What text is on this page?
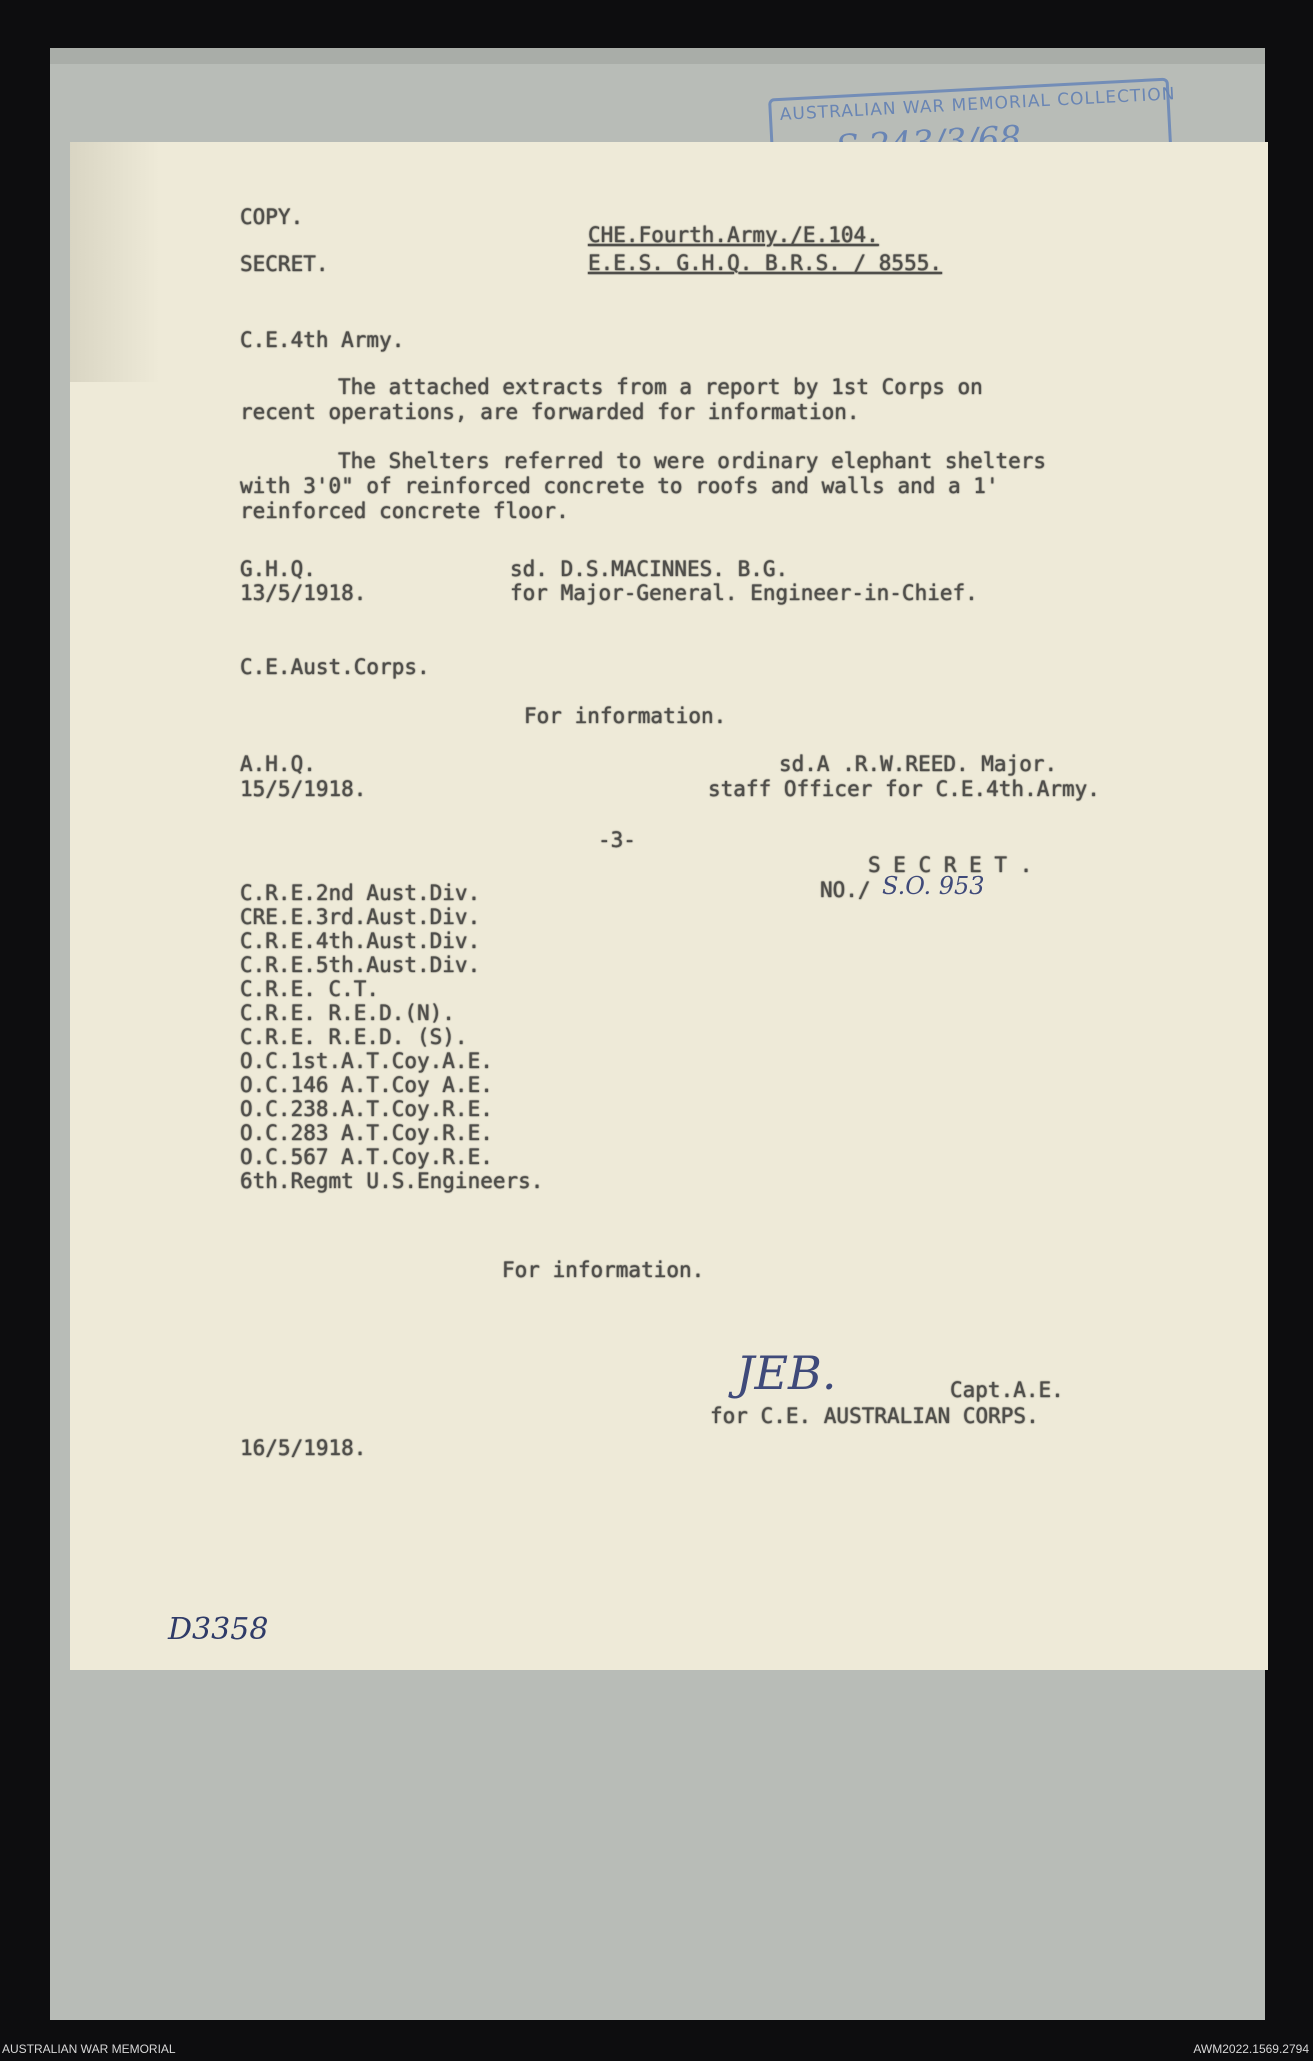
AUSTRALIAN WAR MEMORIAL COLLECTION
COPY.
CHE.Fourth.Army./E.104.
SECRET.	E.E.S. G.H.Q. B.R.S. / 8555.
C.E.4th Army.
The attached extracts from a report by 1st Corps on
recent operations, are forwarded for information.
The Shelters referred to were ordinary elephant shelters
with 3'0" of reinforced concrete to roofs and walls and a 1'
reinforced concrete floor.
G.H.Q.	sd. D.S.MACINNES. B.G.
13/5/1918.	for Major-General. Engineer-in-Chief.
C.E.Aust.Corps.
For information.
A.H.Q.	sd.A .R.W.REED. Major.
15/5/1918.	staff Officer for C.E.4th.Army.
-3-
S E C R E T .
NO./ S.O. 953
C.R.E.2nd Aust.Div.
CRE.E.3rd.Aust.Div.
C.R.E.4th.Aust.Div.
C.R.E.5th.Aust.Div.
C.R.E. C.T.
C.R.E. R.E.D.(N).
C.R.E. R.E.D. (S).
O.C.1st.A.T.Coy.A.E.
O.C.146 A.T.Coy A.E.
O.C.238.A.T.Coy.R.E.
O.C.283 A.T.Coy.R.E.
O.C.567 A.T.Coy.R.E.
6th.Regmt U.S.Engineers.
For information.
JEB.	Capt.A.E.
for C.E. AUSTRALIAN CORPS.
16/5/1918.
D3358
AUSTRALIAN WAR MEMORIAL	AWM2022.1569.2794
